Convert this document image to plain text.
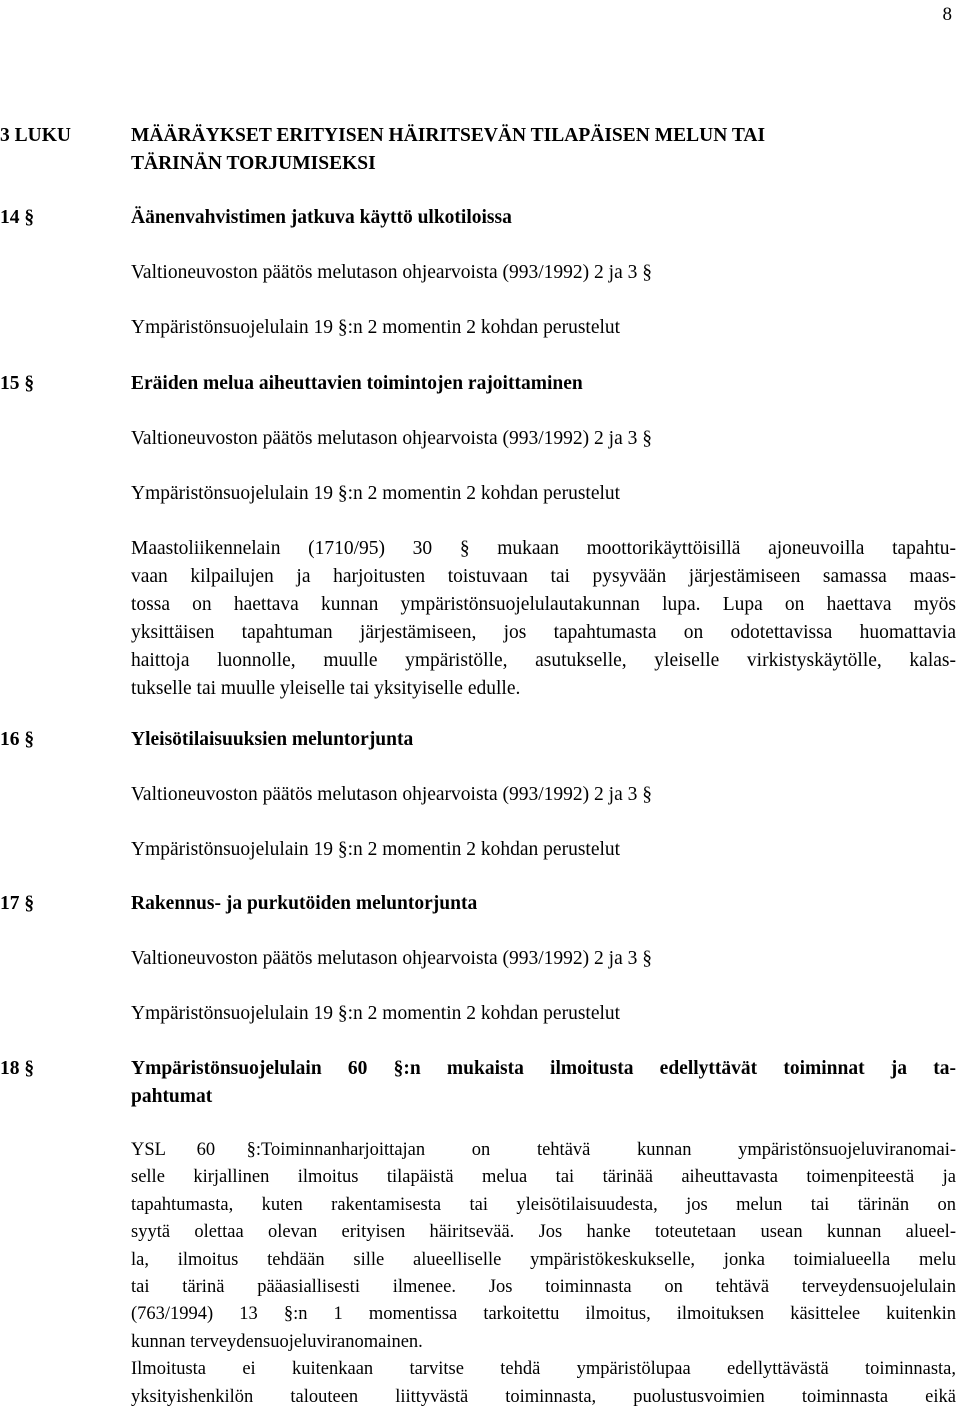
8
3 LUKU	MÄÄRÄYKSET ERITYISEN HÄIRITSEVÄN TILAPÄISEN MELUN TAI
TÄRINÄN TORJUMISEKSI
14 §	Äänenvahvistimen jatkuva käyttö ulkotiloissa
Valtioneuvoston päätös melutason ohjearvoista (993/1992) 2 ja 3 §
Ympäristönsuojelulain 19 §:n 2 momentin 2 kohdan perustelut
15 §	Eräiden melua aiheuttavien toimintojen rajoittaminen
Valtioneuvoston päätös melutason ohjearvoista (993/1992) 2 ja 3 §
Ympäristönsuojelulain 19 §:n 2 momentin 2 kohdan perustelut
Maastoliikennelain (1710/95) 30 § mukaan moottorikäyttöisillä ajoneuvoilla tapahtu-
vaan kilpailujen ja harjoitusten toistuvaan tai pysyvään järjestämiseen samassa maas-
tossa on haettava kunnan ympäristönsuojelulautakunnan lupa. Lupa on haettava myös
yksittäisen tapahtuman järjestämiseen, jos tapahtumasta on odotettavissa huomattavia
haittoja luonnolle, muulle ympäristölle, asutukselle, yleiselle virkistyskäytölle, kalas-
tukselle tai muulle yleiselle tai yksityiselle edulle.
16 §	Yleisötilaisuuksien meluntorjunta
Valtioneuvoston päätös melutason ohjearvoista (993/1992) 2 ja 3 §
Ympäristönsuojelulain 19 §:n 2 momentin 2 kohdan perustelut
17 §	Rakennus- ja purkutöiden meluntorjunta
Valtioneuvoston päätös melutason ohjearvoista (993/1992) 2 ja 3 §
Ympäristönsuojelulain 19 §:n 2 momentin 2 kohdan perustelut
18 §	Ympäristönsuojelulain 60 §:n mukaista ilmoitusta edellyttävät toiminnat ja ta-
pahtumat
YSL 60 §:Toiminnanharjoittajan on tehtävä kunnan ympäristönsuojeluviranomai-
selle kirjallinen ilmoitus tilapäistä melua tai tärinää aiheuttavasta toimenpiteestä ja
tapahtumasta, kuten rakentamisesta tai yleisötilaisuudesta, jos melun tai tärinän on
syytä olettaa olevan erityisen häiritsevää. Jos hanke toteutetaan usean kunnan alueel-
la, ilmoitus tehdään sille alueelliselle ympäristökeskukselle, jonka toimialueella melu
tai tärinä pääasiallisesti ilmenee. Jos toiminnasta on tehtävä terveydensuojelulain
(763/1994) 13 §:n 1 momentissa tarkoitettu ilmoitus, ilmoituksen käsittelee kuitenkin
kunnan terveydensuojeluviranomainen.
Ilmoitusta ei kuitenkaan tarvitse tehdä ympäristölupaa edellyttävästä toiminnasta,
yksityishenkilön talouteen liittyvästä toiminnasta, puolustusvoimien toiminnasta eikä
